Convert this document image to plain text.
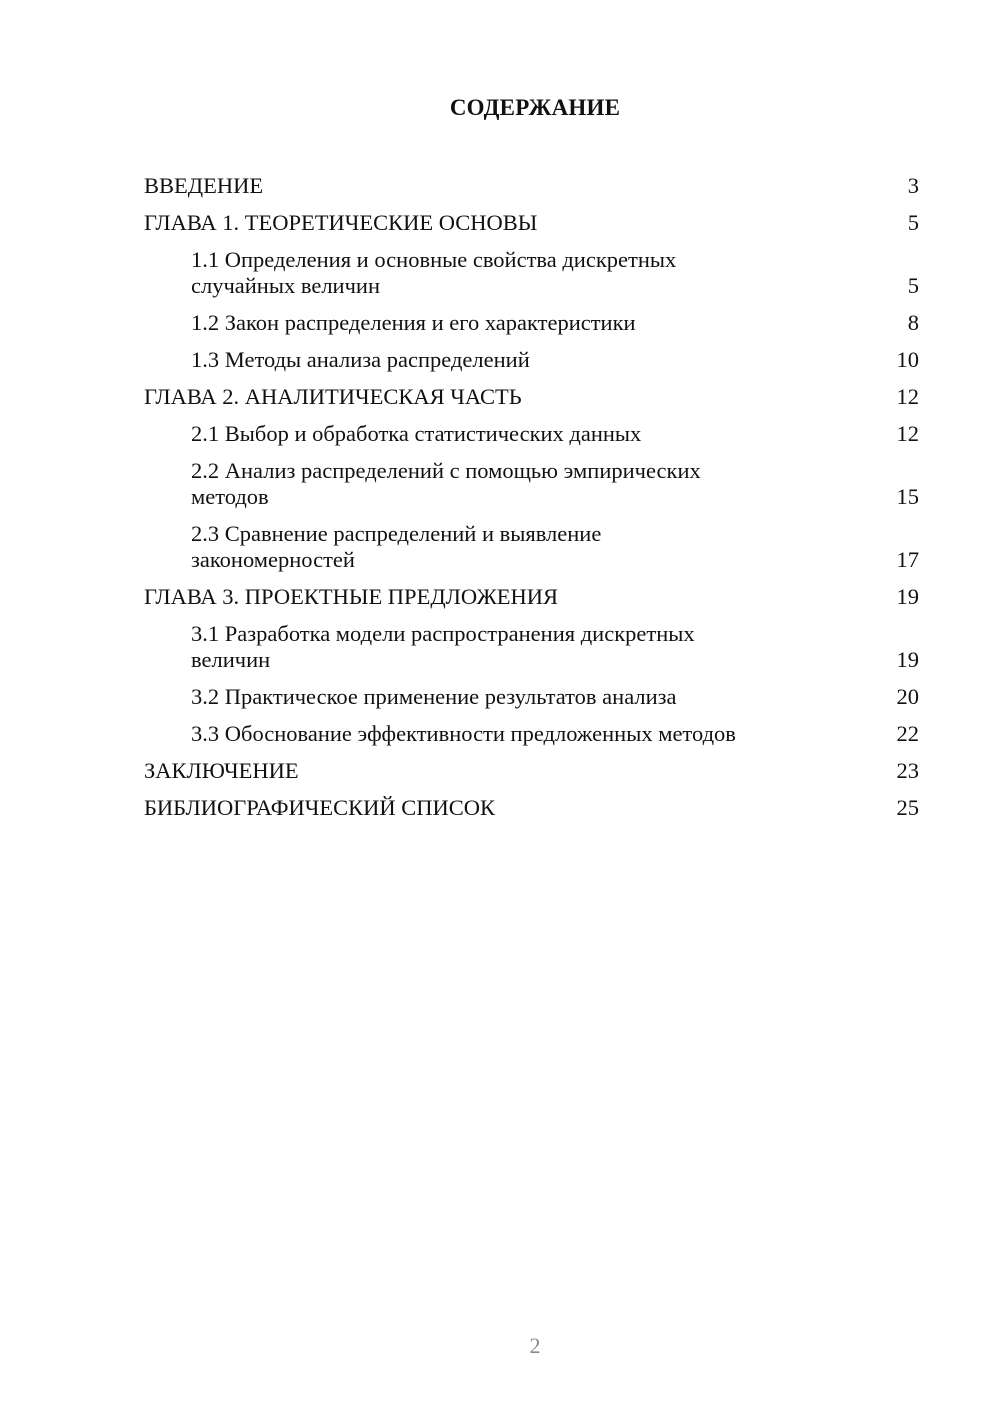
СОДЕРЖАНИЕ
ВВЕДЕНИЕ	3
ГЛАВА 1. ТЕОРЕТИЧЕСКИЕ ОСНОВЫ	5
1.1 Определения и основные свойства дискретных
случайных величин	5
1.2 Закон распределения и его характеристики	8
1.3 Методы анализа распределений	10
ГЛАВА 2. АНАЛИТИЧЕСКАЯ ЧАСТЬ	12
2.1 Выбор и обработка статистических данных	12
2.2 Анализ распределений с помощью эмпирических
методов	15
2.3 Сравнение распределений и выявление
закономерностей	17
ГЛАВА 3. ПРОЕКТНЫЕ ПРЕДЛОЖЕНИЯ	19
3.1 Разработка модели распространения дискретных
величин	19
3.2 Практическое применение результатов анализа	20
3.3 Обоснование эффективности предложенных методов	22
ЗАКЛЮЧЕНИЕ	23
БИБЛИОГРАФИЧЕСКИЙ СПИСОК	25
2
